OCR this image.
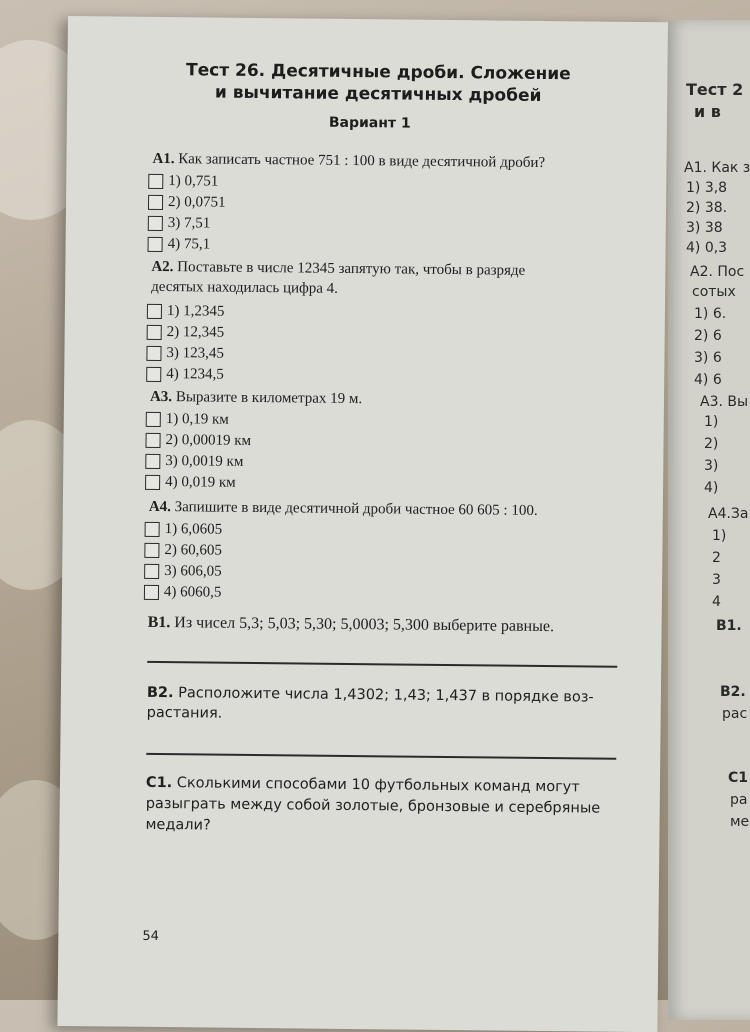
Тест 2
и в
A1. Как з
1) 3,8
2) 38.
3) 38
4) 0,3
A2. Пос
сотых
1) 6.
2) 6
3) 6
4) 6
A3. Вы
1)
2)
3)
4)
A4.За
1)
2
3
4
B1.
B2.
рас
C1
ра
ме
Тест 26. Десятичные дроби. Сложение
и вычитание десятичных дробей
Вариант 1
A1. Как записать частное 751 : 100 в виде десятичной дроби?
1) 0,751
2) 0,0751
3) 7,51
4) 75,1
A2. Поставьте в числе 12345 запятую так, чтобы в разряде
десятых находилась цифра 4.
1) 1,2345
2) 12,345
3) 123,45
4) 1234,5
A3. Выразите в километрах 19 м.
1) 0,19 км
2) 0,00019 км
3) 0,0019 км
4) 0,019 км
A4. Запишите в виде десятичной дроби частное 60 605 : 100.
1) 6,0605
2) 60,605
3) 606,05
4) 6060,5
B1. Из чисел 5,3; 5,03; 5,30; 5,0003; 5,300 выберите равные.
B2. Расположите числа 1,4302; 1,43; 1,437 в порядке воз-
растания.
C1. Сколькими способами 10 футбольных команд могут
разыграть между собой золотые, бронзовые и серебряные
медали?
54
